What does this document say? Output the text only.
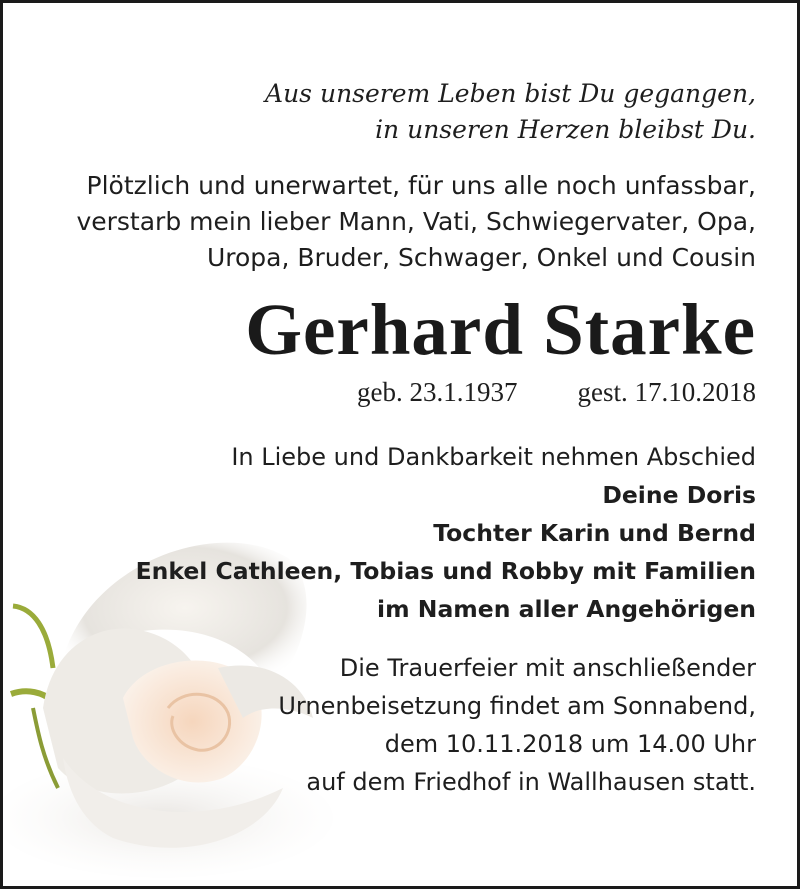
Aus unserem Leben bist Du gegangen,
in unseren Herzen bleibst Du.

Plötzlich und unerwartet, für uns alle noch unfassbar,
verstarb mein lieber Mann, Vati, Schwiegervater, Opa,
Uropa, Bruder, Schwager, Onkel und Cousin

Gerhard Starke

geb. 23.1.1937 gest. 17.10.2018

In Liebe und Dankbarkeit nehmen Abschied
Deine Doris
Tochter Karin und Bernd
Enkel Cathleen, Tobias und Robby mit Familien
im Namen aller Angehörigen

Die Trauerfeier mit anschließender
Urnenbeisetzung findet am Sonnabend,
dem 10.11.2018 um 14.00 Uhr
auf dem Friedhof in Wallhausen statt.
